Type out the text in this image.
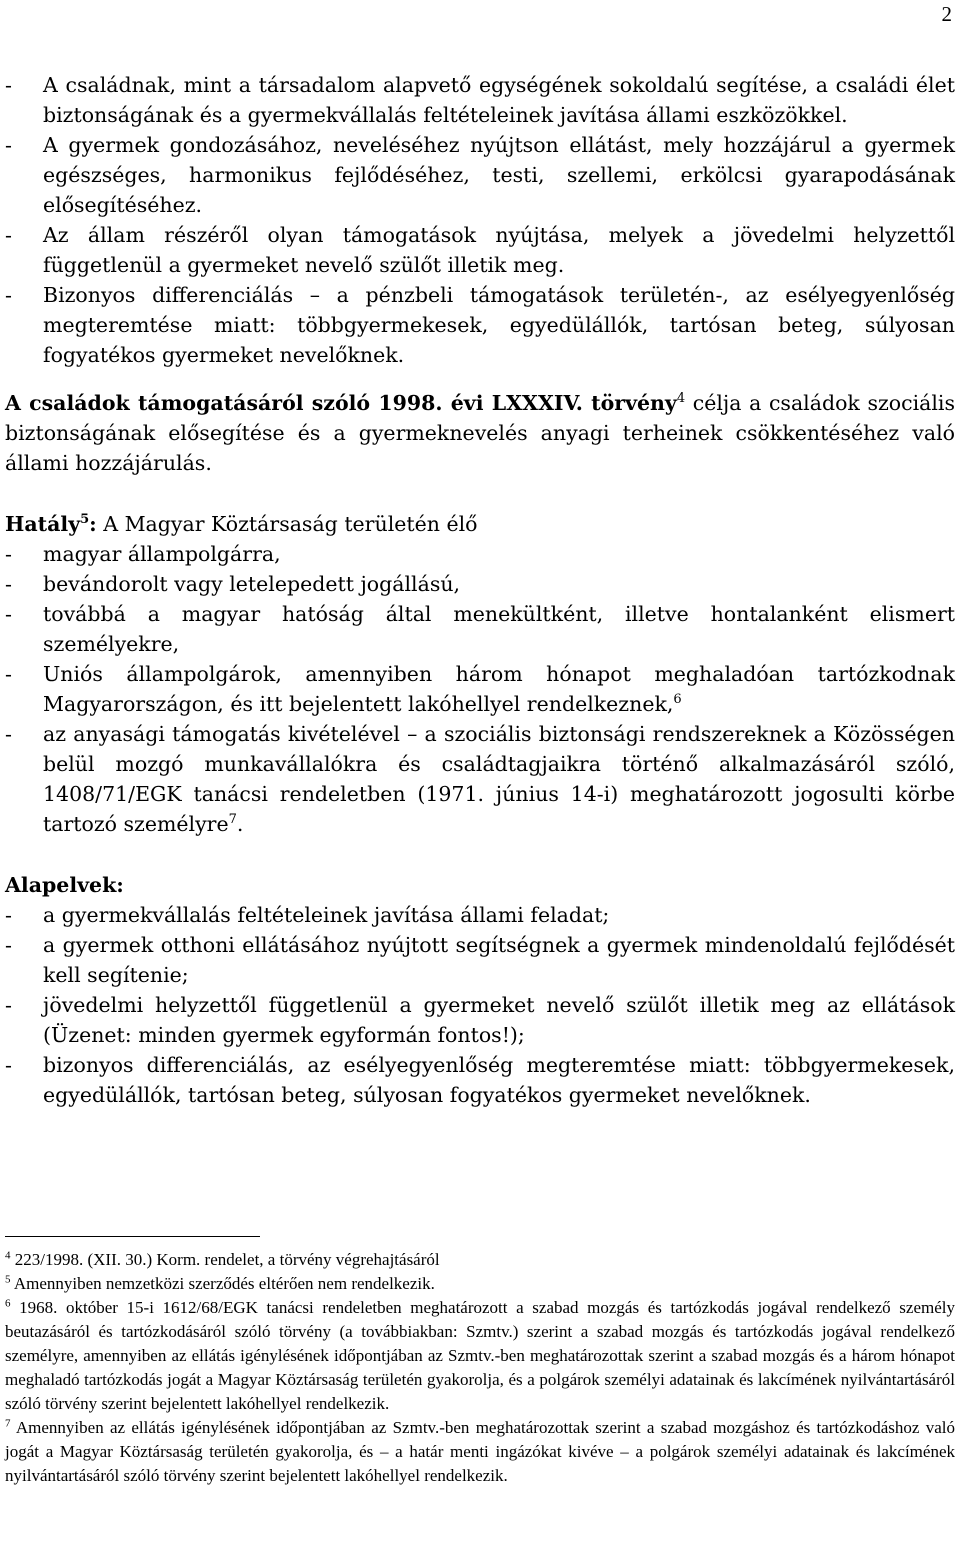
2
-	A családnak, mint a társadalom alapvető egységének sokoldalú segítése, a családi élet biztonságának és a gyermekvállalás feltételeinek javítása állami eszközökkel.
-	A gyermek gondozásához, neveléséhez nyújtson ellátást, mely hozzájárul a gyermek egészséges, harmonikus fejlődéséhez, testi, szellemi, erkölcsi gyarapodásának elősegítéséhez.
-	Az állam részéről olyan támogatások nyújtása, melyek a jövedelmi helyzettől függetlenül a gyermeket nevelő szülőt illetik meg.
-	Bizonyos differenciálás – a pénzbeli támogatások területén-, az esélyegyenlőség megteremtése miatt: többgyermekesek, egyedülállók, tartósan beteg, súlyosan fogyatékos gyermeket nevelőknek.

A családok támogatásáról szóló 1998. évi LXXXIV. törvény$^4$ célja a családok szociális biztonságának elősegítése és a gyermeknevelés anyagi terheinek csökkentéséhez való állami hozzájárulás.

Hatály$^5$: A Magyar Köztársaság területén élő

-	magyar állampolgárra,
-	bevándorolt vagy letelepedett jogállású,
-	továbbá a magyar hatóság által menekültként, illetve hontalanként elismert személyekre,
-	Uniós állampolgárok, amennyiben három hónapot meghaladóan tartózkodnak Magyarországon, és itt bejelentett lakóhellyel rendelkeznek,$^6$
-	az anyasági támogatás kivételével – a szociális biztonsági rendszereknek a Közösségen belül mozgó munkavállalókra és családtagjaikra történő alkalmazásáról szóló, 1408/71/EGK tanácsi rendeletben (1971. június 14-i) meghatározott jogosulti körbe tartozó személyre$^7$.

Alapelvek:

-	a gyermekvállalás feltételeinek javítása állami feladat;
-	a gyermek otthoni ellátásához nyújtott segítségnek a gyermek mindenoldalú fejlődését kell segítenie;
-	jövedelmi helyzettől függetlenül a gyermeket nevelő szülőt illetik meg az ellátások (Üzenet: minden gyermek egyformán fontos!);
-	bizonyos differenciálás, az esélyegyenlőség megteremtése miatt: többgyermekesek, egyedülállók, tartósan beteg, súlyosan fogyatékos gyermeket nevelőknek.

$^4$ 223/1998. (XII. 30.) Korm. rendelet, a törvény végrehajtásáról

$^5$ Amennyiben nemzetközi szerződés eltérően nem rendelkezik.

$^6$ 1968. október 15-i 1612/68/EGK tanácsi rendeletben meghatározott a szabad mozgás és tartózkodás jogával rendelkező személy beutazásáról és tartózkodásáról szóló törvény (a továbbiakban: Szmtv.) szerint a szabad mozgás és tartózkodás jogával rendelkező személyre, amennyiben az ellátás igénylésének időpontjában az Szmtv.-ben meghatározottak szerint a szabad mozgás és a három hónapot meghaladó tartózkodás jogát a Magyar Köztársaság területén gyakorolja, és a polgárok személyi adatainak és lakcímének nyilvántartásáról szóló törvény szerint bejelentett lakóhellyel rendelkezik.

$^7$ Amennyiben az ellátás igénylésének időpontjában az Szmtv.-ben meghatározottak szerint a szabad mozgáshoz és tartózkodáshoz való jogát a Magyar Köztársaság területén gyakorolja, és – a határ menti ingázókat kivéve – a polgárok személyi adatainak és lakcímének nyilvántartásáról szóló törvény szerint bejelentett lakóhellyel rendelkezik.
